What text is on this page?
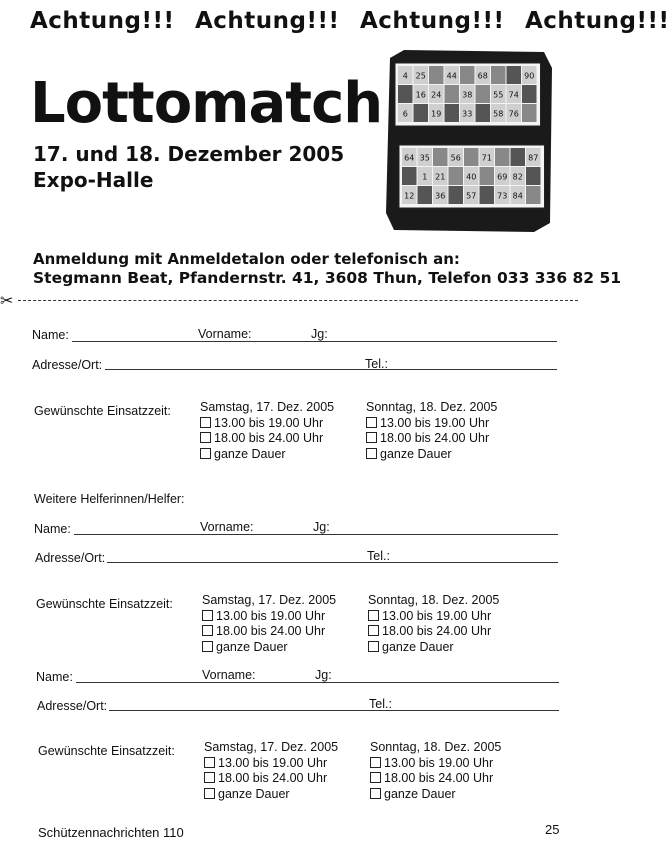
Achtung!!! Achtung!!! Achtung!!! Achtung!!!
Lottomatch
17. und 18. Dezember 2005
Expo-Halle
4 25	44	68	90
16 24	38	55 74
6	19	33	58 76
64 35	56	71	87
1 21	40	69 82
12	36	57	73 84
Anmeldung mit Anmeldetalon oder telefonisch an:
Stegmann Beat, Pfandernstr. 41, 3608 Thun, Telefon 033 336 82 51
✂
Name:	Vorname:	Jg:
Adresse/Ort:	Tel.:
Gewünschte Einsatzzeit: Samstag, 17. Dez. 2005
13.00 bis 19.00 Uhr
18.00 bis 24.00 Uhr
ganze Dauer
Sonntag, 18. Dez. 2005
13.00 bis 19.00 Uhr
18.00 bis 24.00 Uhr
ganze Dauer
Weitere Helferinnen/Helfer:
Name:	Vorname:	Jg:
Adresse/Ort:	Tel.:
Gewünschte Einsatzzeit: Samstag, 17. Dez. 2005
13.00 bis 19.00 Uhr
18.00 bis 24.00 Uhr
ganze Dauer
Sonntag, 18. Dez. 2005
13.00 bis 19.00 Uhr
18.00 bis 24.00 Uhr
ganze Dauer
Name:	Vorname:	Jg:
Adresse/Ort:	Tel.:
Gewünschte Einsatzzeit: Samstag, 17. Dez. 2005
13.00 bis 19.00 Uhr
18.00 bis 24.00 Uhr
ganze Dauer
Sonntag, 18. Dez. 2005
13.00 bis 19.00 Uhr
18.00 bis 24.00 Uhr
ganze Dauer
Schützennachrichten 110	25
